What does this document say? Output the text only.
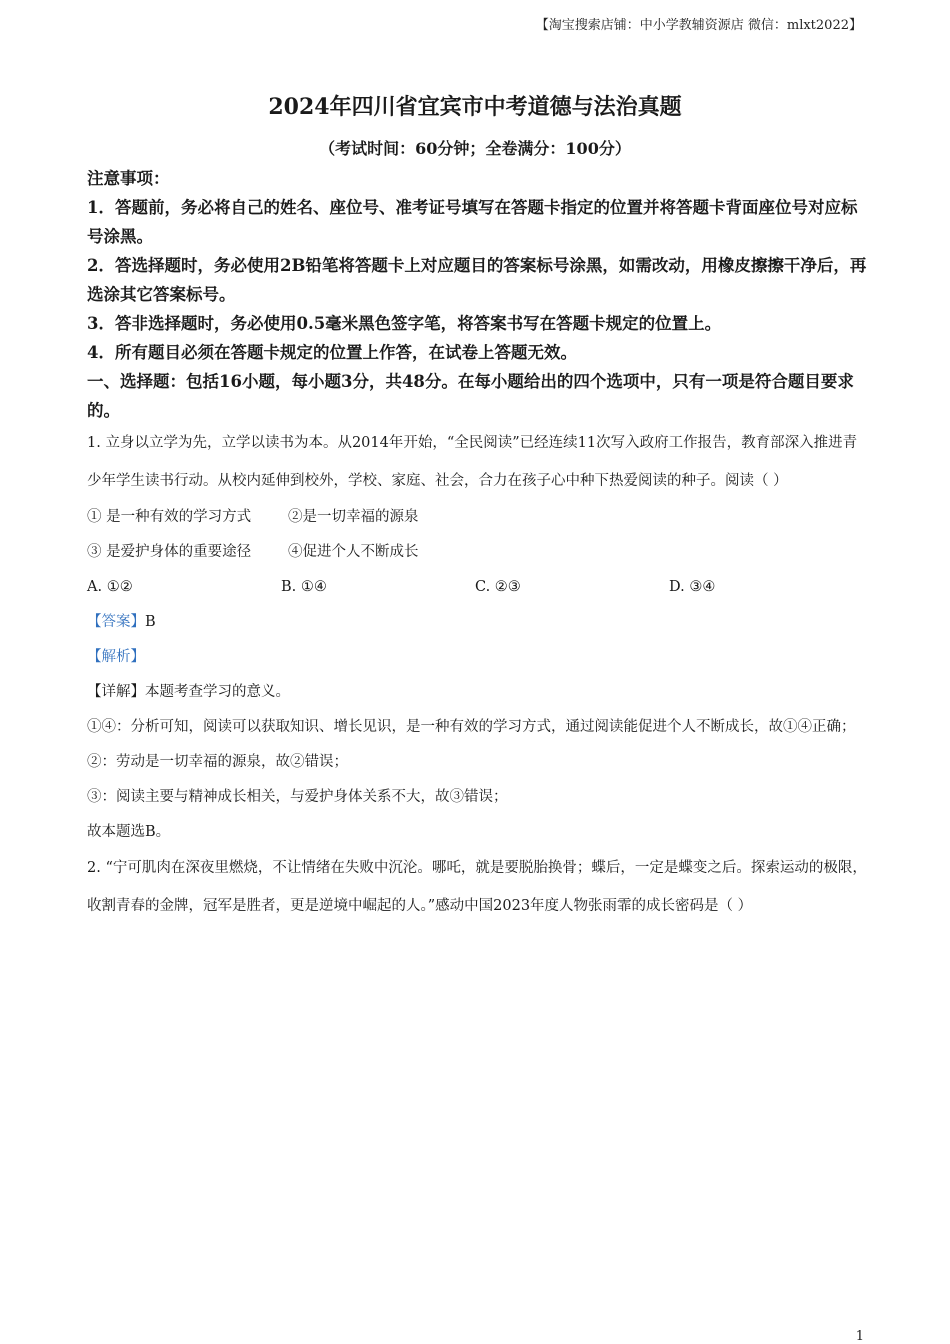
【淘宝搜索店铺：中小学教辅资源店 微信：mlxt2022】
2024年四川省宜宾市中考道德与法治真题
（考试时间：60分钟；全卷满分：100分）

注意事项：

1．答题前，务必将自己的姓名、座位号、准考证号填写在答题卡指定的位置并将答题卡背面座位号对应标号涂黑。

2．答选择题时，务必使用2B铅笔将答题卡上对应题目的答案标号涂黑，如需改动，用橡皮擦擦干净后，再选涂其它答案标号。

3．答非选择题时，务必使用0.5毫米黑色签字笔，将答案书写在答题卡规定的位置上。

4．所有题目必须在答题卡规定的位置上作答，在试卷上答题无效。

一、选择题：包括16小题，每小题3分，共48分。在每小题给出的四个选项中，只有一项是符合题目要求的。

1. 立身以立学为先，立学以读书为本。从2014年开始，“全民阅读”已经连续11次写入政府工作报告，教育部深入推进青少年学生读书行动。从校内延伸到校外，学校、家庭、社会，合力在孩子心中种下热爱阅读的种子。阅读（ ）

① 是一种有效的学习方式        ②是一切幸福的源泉

③ 是爱护身体的重要途径        ④促进个人不断成长

A. ①②	B. ①④	C. ②③	D. ③④

【答案】B

【解析】

【详解】本题考查学习的意义。

①④：分析可知，阅读可以获取知识、增长见识，是一种有效的学习方式，通过阅读能促进个人不断成长，故①④正确；

②：劳动是一切幸福的源泉，故②错误；

③：阅读主要与精神成长相关，与爱护身体关系不大，故③错误；

故本题选B。

2. “宁可肌肉在深夜里燃烧，不让情绪在失败中沉沦。哪吒，就是要脱胎换骨；蝶后，一定是蝶变之后。探索运动的极限，收割青春的金牌，冠军是胜者，更是逆境中崛起的人。”感动中国2023年度人物张雨霏的成长密码是（ ）

1
